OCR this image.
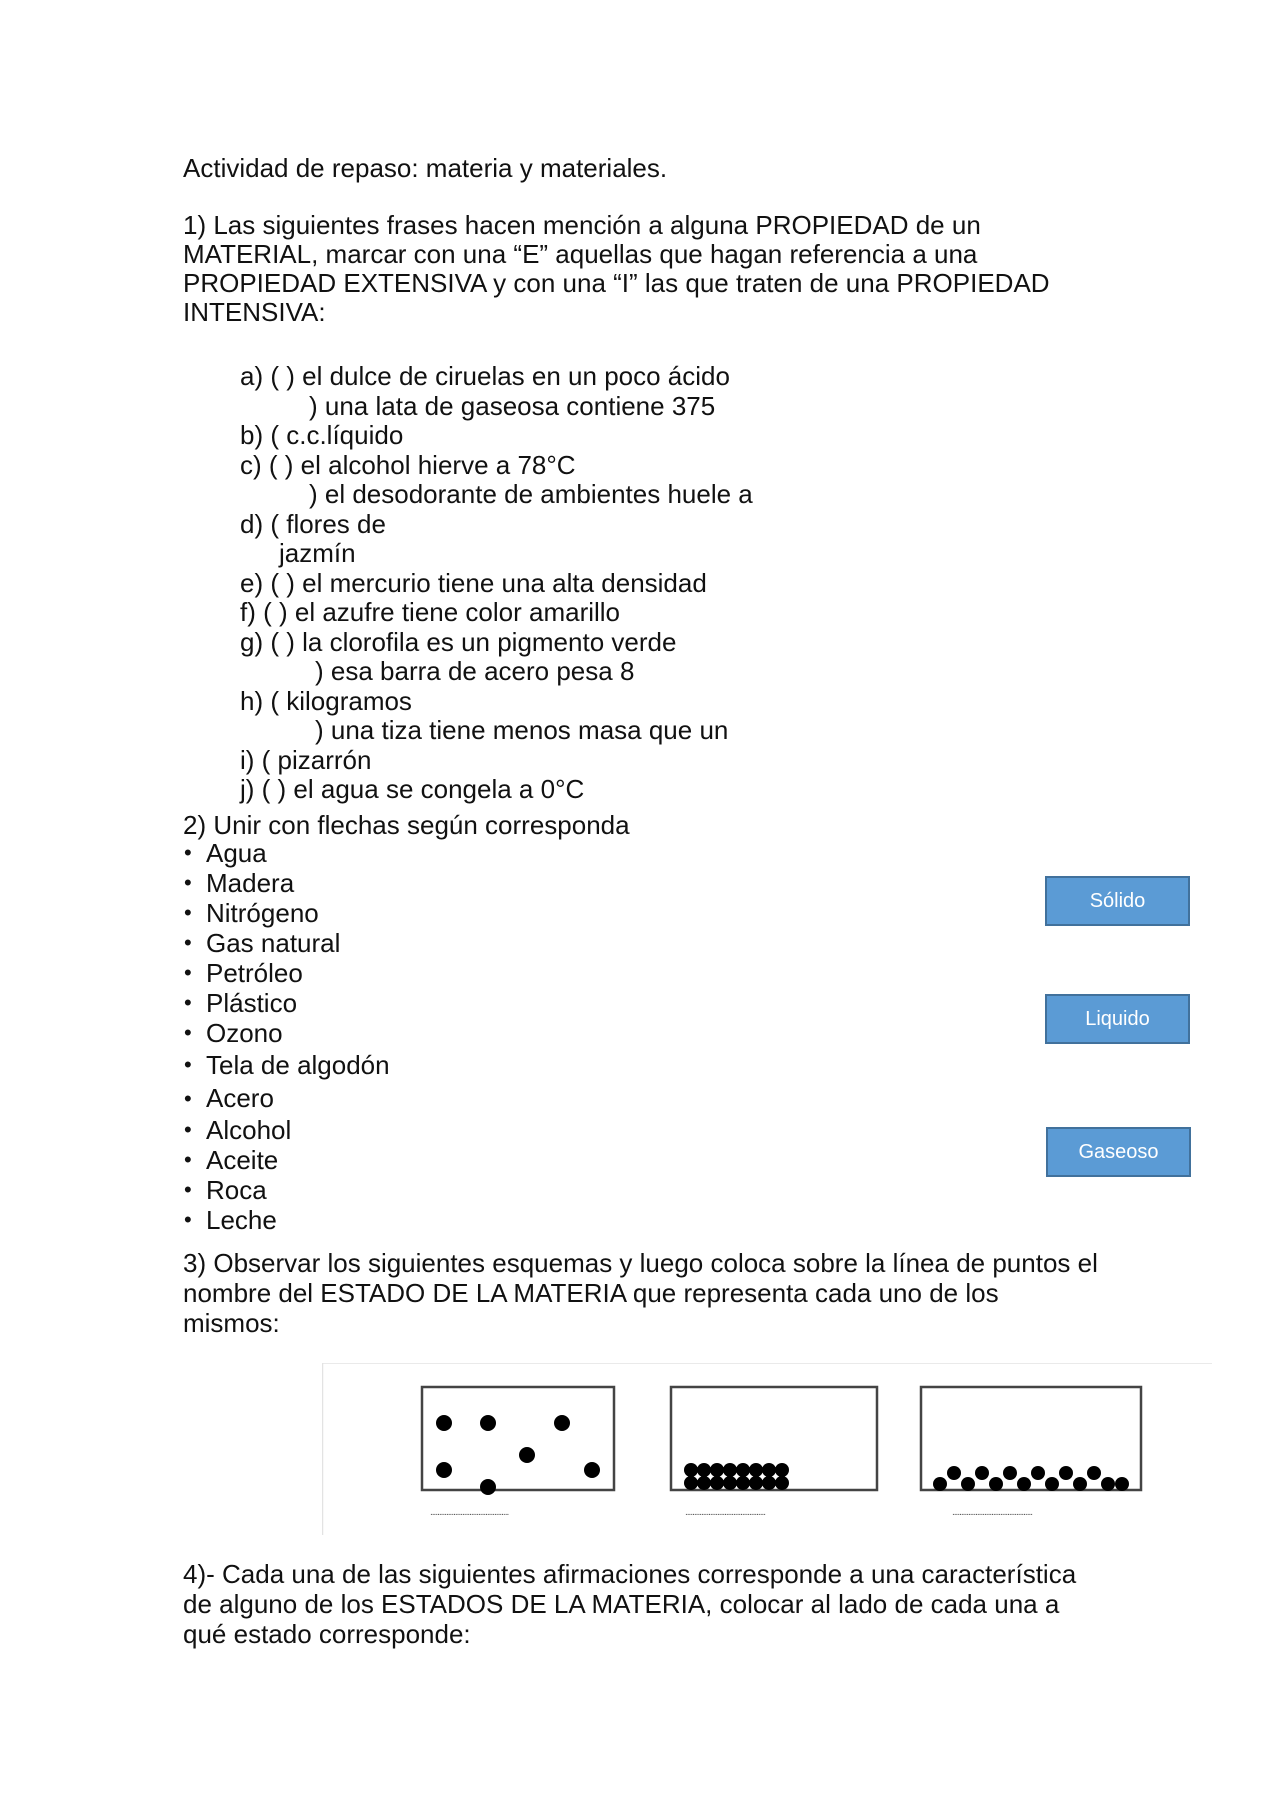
Actividad de repaso: materia y materiales.
1) Las siguientes frases hacen mención a alguna PROPIEDAD de un
MATERIAL, marcar con una “E” aquellas que hagan referencia a una
PROPIEDAD EXTENSIVA y con una “I” las que traten de una PROPIEDAD
INTENSIVA:
a) ( ) el dulce de ciruelas en un poco ácido
) una lata de gaseosa contiene 375
b) ( c.c.líquido
c) ( ) el alcohol hierve a 78°C
) el desodorante de ambientes huele a
d) ( flores de
jazmín
e) ( ) el mercurio tiene una alta densidad
f) ( ) el azufre tiene color amarillo
g) ( ) la clorofila es un pigmento verde
) esa barra de acero pesa 8
h) ( kilogramos
) una tiza tiene menos masa que un
i) ( pizarrón
j) ( ) el agua se congela a 0°C
2) Unir con flechas según corresponda
• Agua
• Madera
• Nitrógeno
• Gas natural
• Petróleo
• Plástico
• Ozono
• Tela de algodón
• Acero
• Alcohol
• Aceite
• Roca
• Leche
Sólido
Liquido
Gaseoso
3) Observar los siguientes esquemas y luego coloca sobre la línea de puntos el
nombre del ESTADO DE LA MATERIA que representa cada uno de los
mismos:
............................................	.............................................	.............................................
4)- Cada una de las siguientes afirmaciones corresponde a una característica
de alguno de los ESTADOS DE LA MATERIA, colocar al lado de cada una a
qué estado corresponde:
